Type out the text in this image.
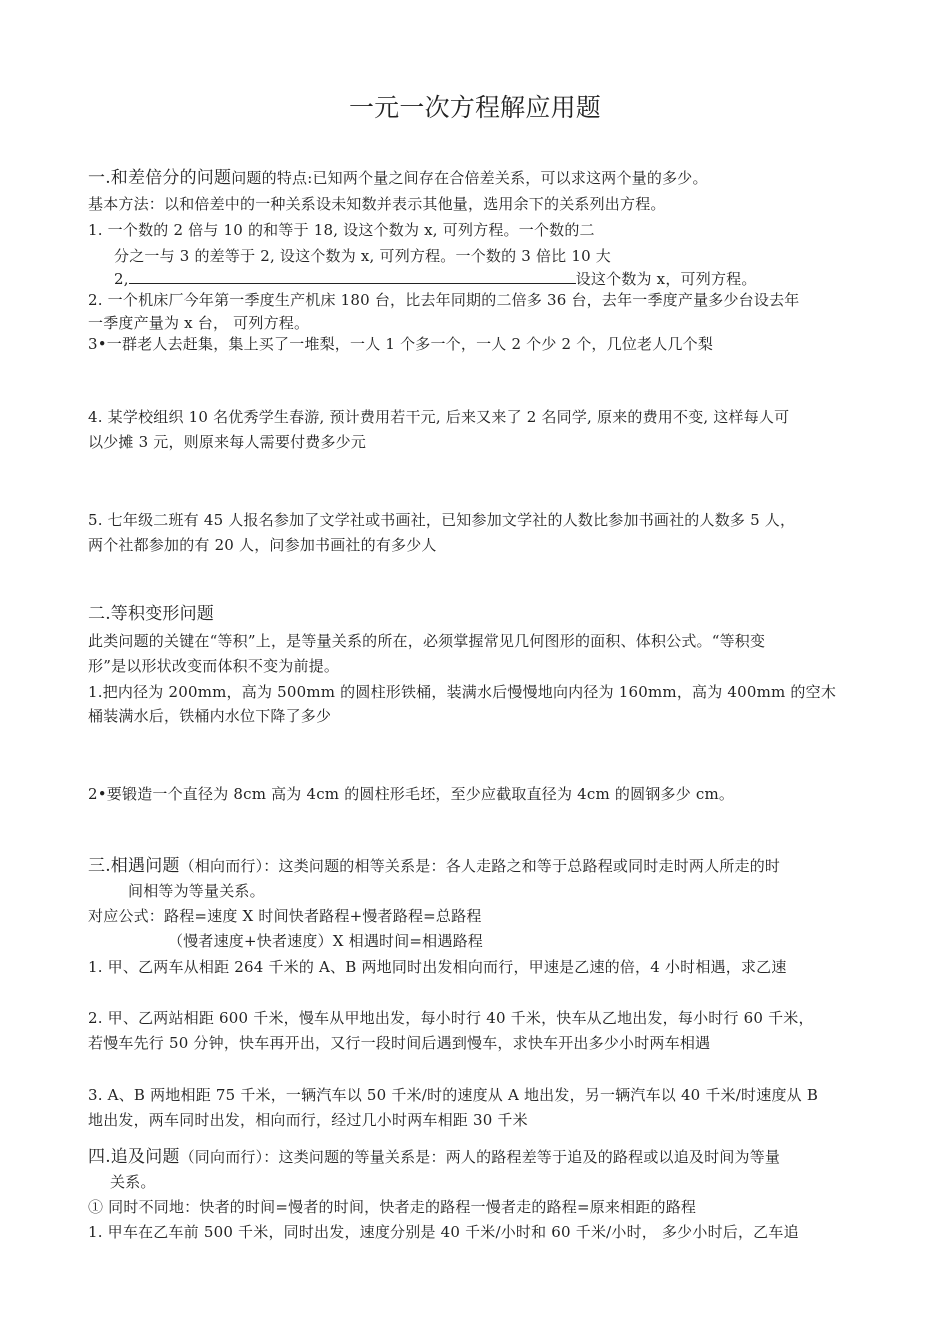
一元一次方程解应用题
一.和差倍分的问题问题的特点:已知两个量之间存在合倍差关系，可以求这两个量的多少。
基本方法：以和倍差中的一种关系设未知数并表示其他量，选用余下的关系列出方程。
1. 一个数的 2 倍与 10 的和等于 18, 设这个数为 x, 可列方程。一个数的二
分之一与 3 的差等于 2, 设这个数为 x, 可列方程。一个数的 3 倍比 10 大
2,	设这个数为 x，可列方程。
2. 一个机床厂今年第一季度生产机床 180 台，比去年同期的二倍多 36 台，去年一季度产量多少台设去年
一季度产量为 x 台， 可列方程。
3•一群老人去赶集，集上买了一堆梨，一人 1 个多一个，一人 2 个少 2 个，几位老人几个梨
4. 某学校组织 10 名优秀学生春游, 预计费用若干元, 后来又来了 2 名同学, 原来的费用不变, 这样每人可
以少摊 3 元，则原来每人需要付费多少元
5. 七年级二班有 45 人报名参加了文学社或书画社，已知参加文学社的人数比参加书画社的人数多 5 人，
两个社都参加的有 20 人，问参加书画社的有多少人
二.等积变形问题
此类问题的关键在“等积”上，是等量关系的所在，必须掌握常见几何图形的面积、体积公式。“等积变
形”是以形状改变而体积不变为前提。
1.把内径为 200mm，高为 500mm 的圆柱形铁桶，装满水后慢慢地向内径为 160mm，高为 400mm 的空木
桶装满水后，铁桶内水位下降了多少
2•要锻造一个直径为 8cm 高为 4cm 的圆柱形毛坯，至少应截取直径为 4cm 的圆钢多少 cm。
三.相遇问题（相向而行）：这类问题的相等关系是：各人走路之和等于总路程或同时走时两人所走的时
间相等为等量关系。
对应公式：路程=速度 X 时间快者路程+慢者路程=总路程
（慢者速度+快者速度）X 相遇时间=相遇路程
1. 甲、乙两车从相距 264 千米的 A、B 两地同时出发相向而行，甲速是乙速的倍，4 小时相遇，求乙速
2. 甲、乙两站相距 600 千米，慢车从甲地出发，每小时行 40 千米，快车从乙地出发，每小时行 60 千米，
若慢车先行 50 分钟，快车再开出，又行一段时间后遇到慢车，求快车开出多少小时两车相遇
3. A、B 两地相距 75 千米，一辆汽车以 50 千米/时的速度从 A 地出发，另一辆汽车以 40 千米/时速度从 B
地出发，两车同时出发，相向而行，经过几小时两车相距 30 千米
四.追及问题（同向而行）：这类问题的等量关系是：两人的路程差等于追及的路程或以追及时间为等量
关系。
① 同时不同地：快者的时间=慢者的时间，快者走的路程一慢者走的路程=原来相距的路程
1. 甲车在乙车前 500 千米，同时出发，速度分别是 40 千米/小时和 60 千米/小时， 多少小时后，乙车追
